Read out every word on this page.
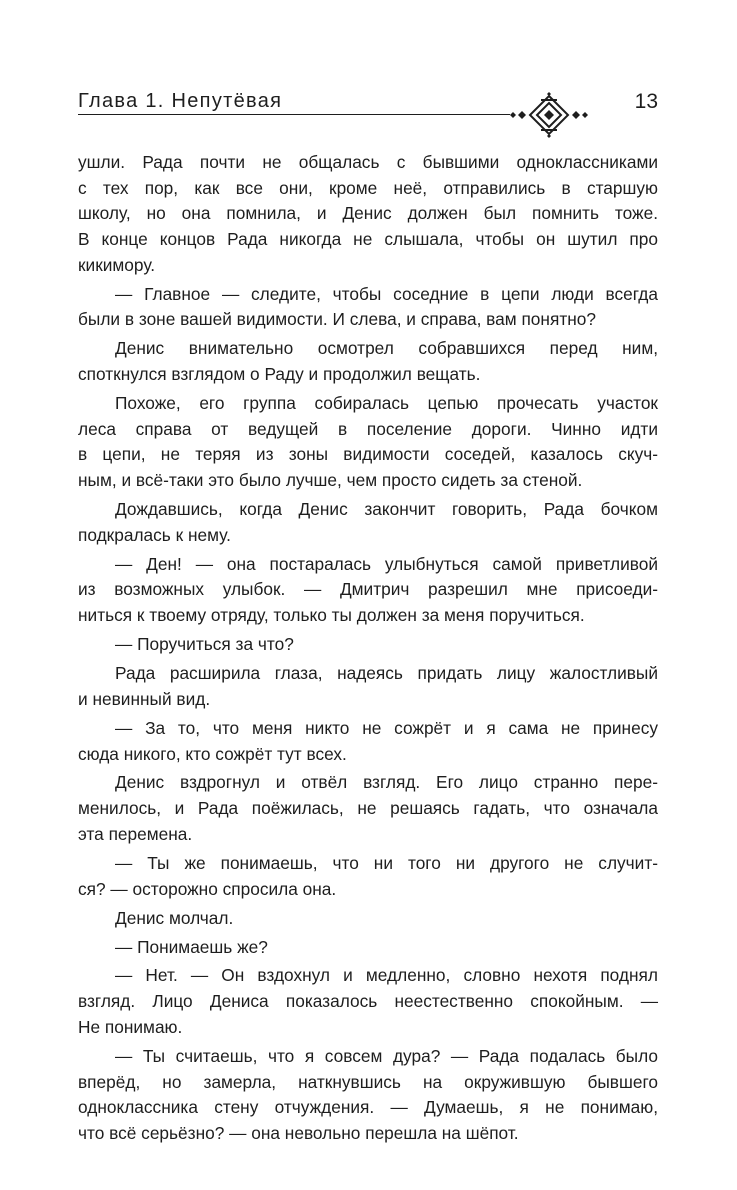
Глава 1. Непутёвая	13
ушли. Рада почти не общалась с бывшими одноклассниками
с тех пор, как все они, кроме неё, отправились в старшую
школу, но она помнила, и Денис должен был помнить тоже.
В конце концов Рада никогда не слышала, чтобы он шутил про
кикимору.
— Главное — следите, чтобы соседние в цепи люди всегда
были в зоне вашей видимости. И слева, и справа, вам понятно?
Денис внимательно осмотрел собравшихся перед ним,
споткнулся взглядом о Раду и продолжил вещать.
Похоже, его группа собиралась цепью прочесать участок
леса справа от ведущей в поселение дороги. Чинно идти
в цепи, не теряя из зоны видимости соседей, казалось скуч-
ным, и всё-таки это было лучше, чем просто сидеть за стеной.
Дождавшись, когда Денис закончит говорить, Рада бочком
подкралась к нему.
— Ден! — она постаралась улыбнуться самой приветливой
из возможных улыбок. — Дмитрич разрешил мне присоеди-
ниться к твоему отряду, только ты должен за меня поручиться.
— Поручиться за что?
Рада расширила глаза, надеясь придать лицу жалостливый
и невинный вид.
— За то, что меня никто не сожрёт и я сама не принесу
сюда никого, кто сожрёт тут всех.
Денис вздрогнул и отвёл взгляд. Его лицо странно пере-
менилось, и Рада поёжилась, не решаясь гадать, что означала
эта перемена.
— Ты же понимаешь, что ни того ни другого не случит-
ся? — осторожно спросила она.
Денис молчал.
— Понимаешь же?
— Нет. — Он вздохнул и медленно, словно нехотя поднял
взгляд. Лицо Дениса показалось неестественно спокойным. —
Не понимаю.
— Ты считаешь, что я совсем дура? — Рада подалась было
вперёд, но замерла, наткнувшись на окружившую бывшего
одноклассника стену отчуждения. — Думаешь, я не понимаю,
что всё серьёзно? — она невольно перешла на шёпот.
